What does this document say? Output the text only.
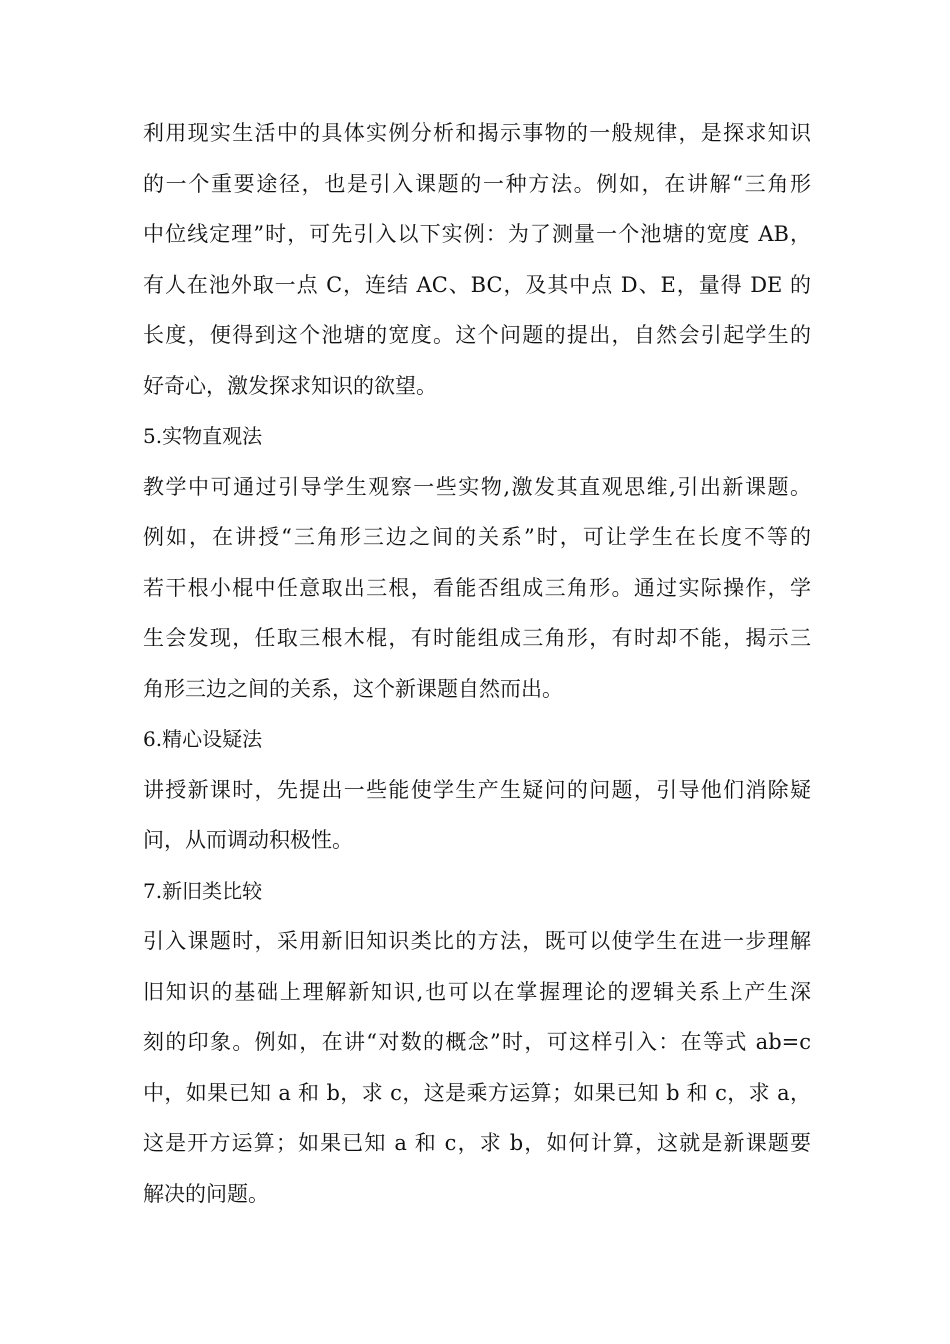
利用现实生活中的具体实例分析和揭示事物的一般规律，是探求知识
的一个重要途径，也是引入课题的一种方法。例如，在讲解“三角形
中位线定理”时，可先引入以下实例：为了测量一个池塘的宽度 AB，
有人在池外取一点 C，连结 AC、BC，及其中点 D、E，量得 DE 的
长度，便得到这个池塘的宽度。这个问题的提出，自然会引起学生的
好奇心，激发探求知识的欲望。
5.实物直观法
教学中可通过引导学生观察一些实物,激发其直观思维,引出新课题。
例如，在讲授“三角形三边之间的关系”时，可让学生在长度不等的
若干根小棍中任意取出三根，看能否组成三角形。通过实际操作，学
生会发现，任取三根木棍，有时能组成三角形，有时却不能，揭示三
角形三边之间的关系，这个新课题自然而出。
6.精心设疑法
讲授新课时，先提出一些能使学生产生疑问的问题，引导他们消除疑
问，从而调动积极性。
7.新旧类比较
引入课题时，采用新旧知识类比的方法，既可以使学生在进一步理解
旧知识的基础上理解新知识,也可以在掌握理论的逻辑关系上产生深
刻的印象。例如，在讲“对数的概念”时，可这样引入：在等式 ab=c
中，如果已知 a 和 b，求 c，这是乘方运算；如果已知 b 和 c，求 a，
这是开方运算；如果已知 a 和 c，求 b，如何计算，这就是新课题要
解决的问题。
